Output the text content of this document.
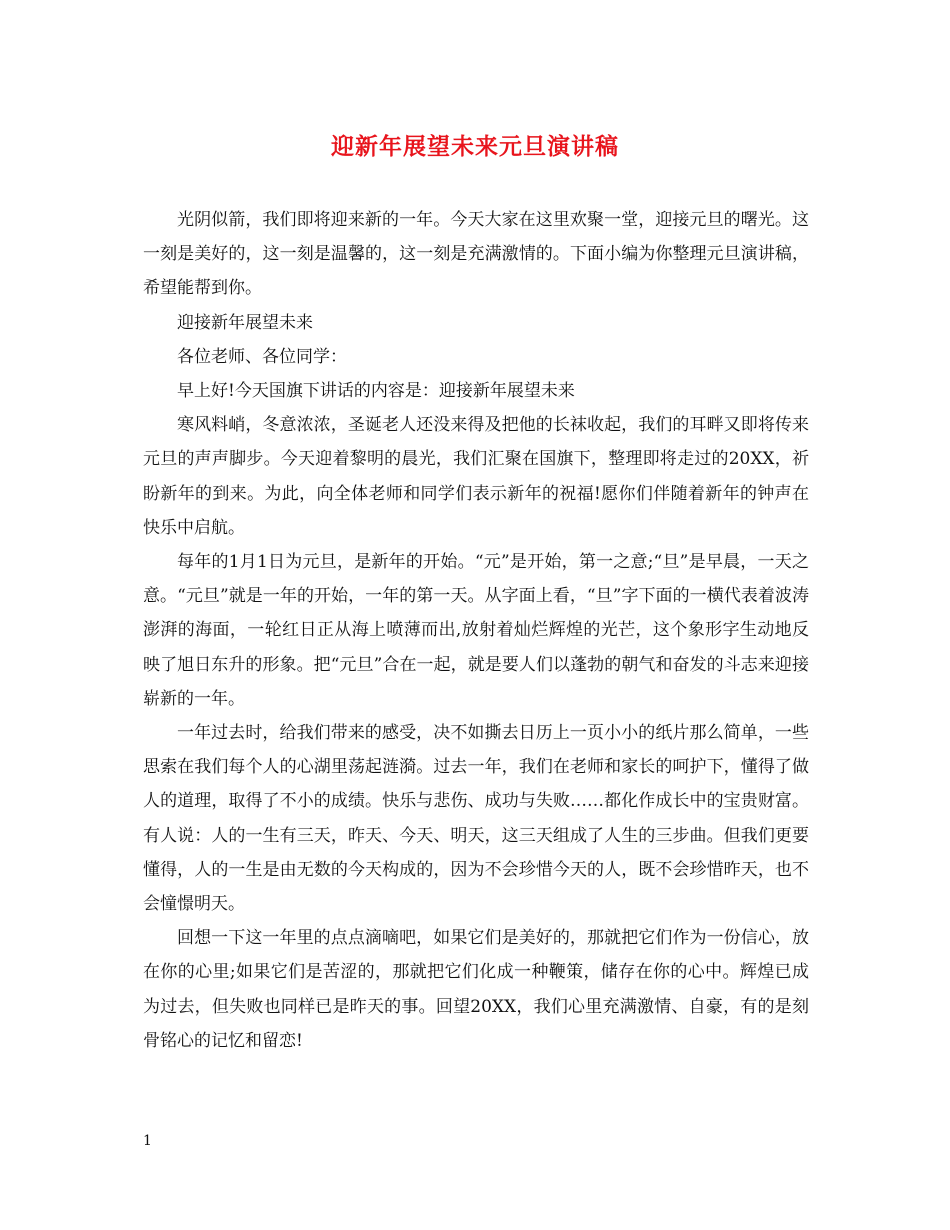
迎新年展望未来元旦演讲稿

光阴似箭，我们即将迎来新的一年。今天大家在这里欢聚一堂，迎接元旦的曙光。这一刻是美好的，这一刻是温馨的，这一刻是充满激情的。下面小编为你整理元旦演讲稿，希望能帮到你。

迎接新年展望未来

各位老师、各位同学：

早上好!今天国旗下讲话的内容是：迎接新年展望未来

寒风料峭，冬意浓浓，圣诞老人还没来得及把他的长袜收起，我们的耳畔又即将传来元旦的声声脚步。今天迎着黎明的晨光，我们汇聚在国旗下，整理即将走过的20XX，祈盼新年的到来。为此，向全体老师和同学们表示新年的祝福!愿你们伴随着新年的钟声在快乐中启航。

每年的1月1日为元旦，是新年的开始。“元”是开始，第一之意;“旦”是早晨，一天之意。“元旦”就是一年的开始，一年的第一天。从字面上看，“旦”字下面的一横代表着波涛澎湃的海面，一轮红日正从海上喷薄而出,放射着灿烂辉煌的光芒，这个象形字生动地反映了旭日东升的形象。把“元旦”合在一起，就是要人们以蓬勃的朝气和奋发的斗志来迎接崭新的一年。

一年过去时，给我们带来的感受，决不如撕去日历上一页小小的纸片那么简单，一些思索在我们每个人的心湖里荡起涟漪。过去一年，我们在老师和家长的呵护下，懂得了做人的道理，取得了不小的成绩。快乐与悲伤、成功与失败……都化作成长中的宝贵财富。有人说：人的一生有三天，昨天、今天、明天，这三天组成了人生的三步曲。但我们更要懂得，人的一生是由无数的今天构成的，因为不会珍惜今天的人，既不会珍惜昨天，也不会憧憬明天。

回想一下这一年里的点点滴嘀吧，如果它们是美好的，那就把它们作为一份信心，放在你的心里;如果它们是苦涩的，那就把它们化成一种鞭策，储存在你的心中。辉煌已成为过去，但失败也同样已是昨天的事。回望20XX，我们心里充满激情、自豪，有的是刻骨铭心的记忆和留恋!

1
